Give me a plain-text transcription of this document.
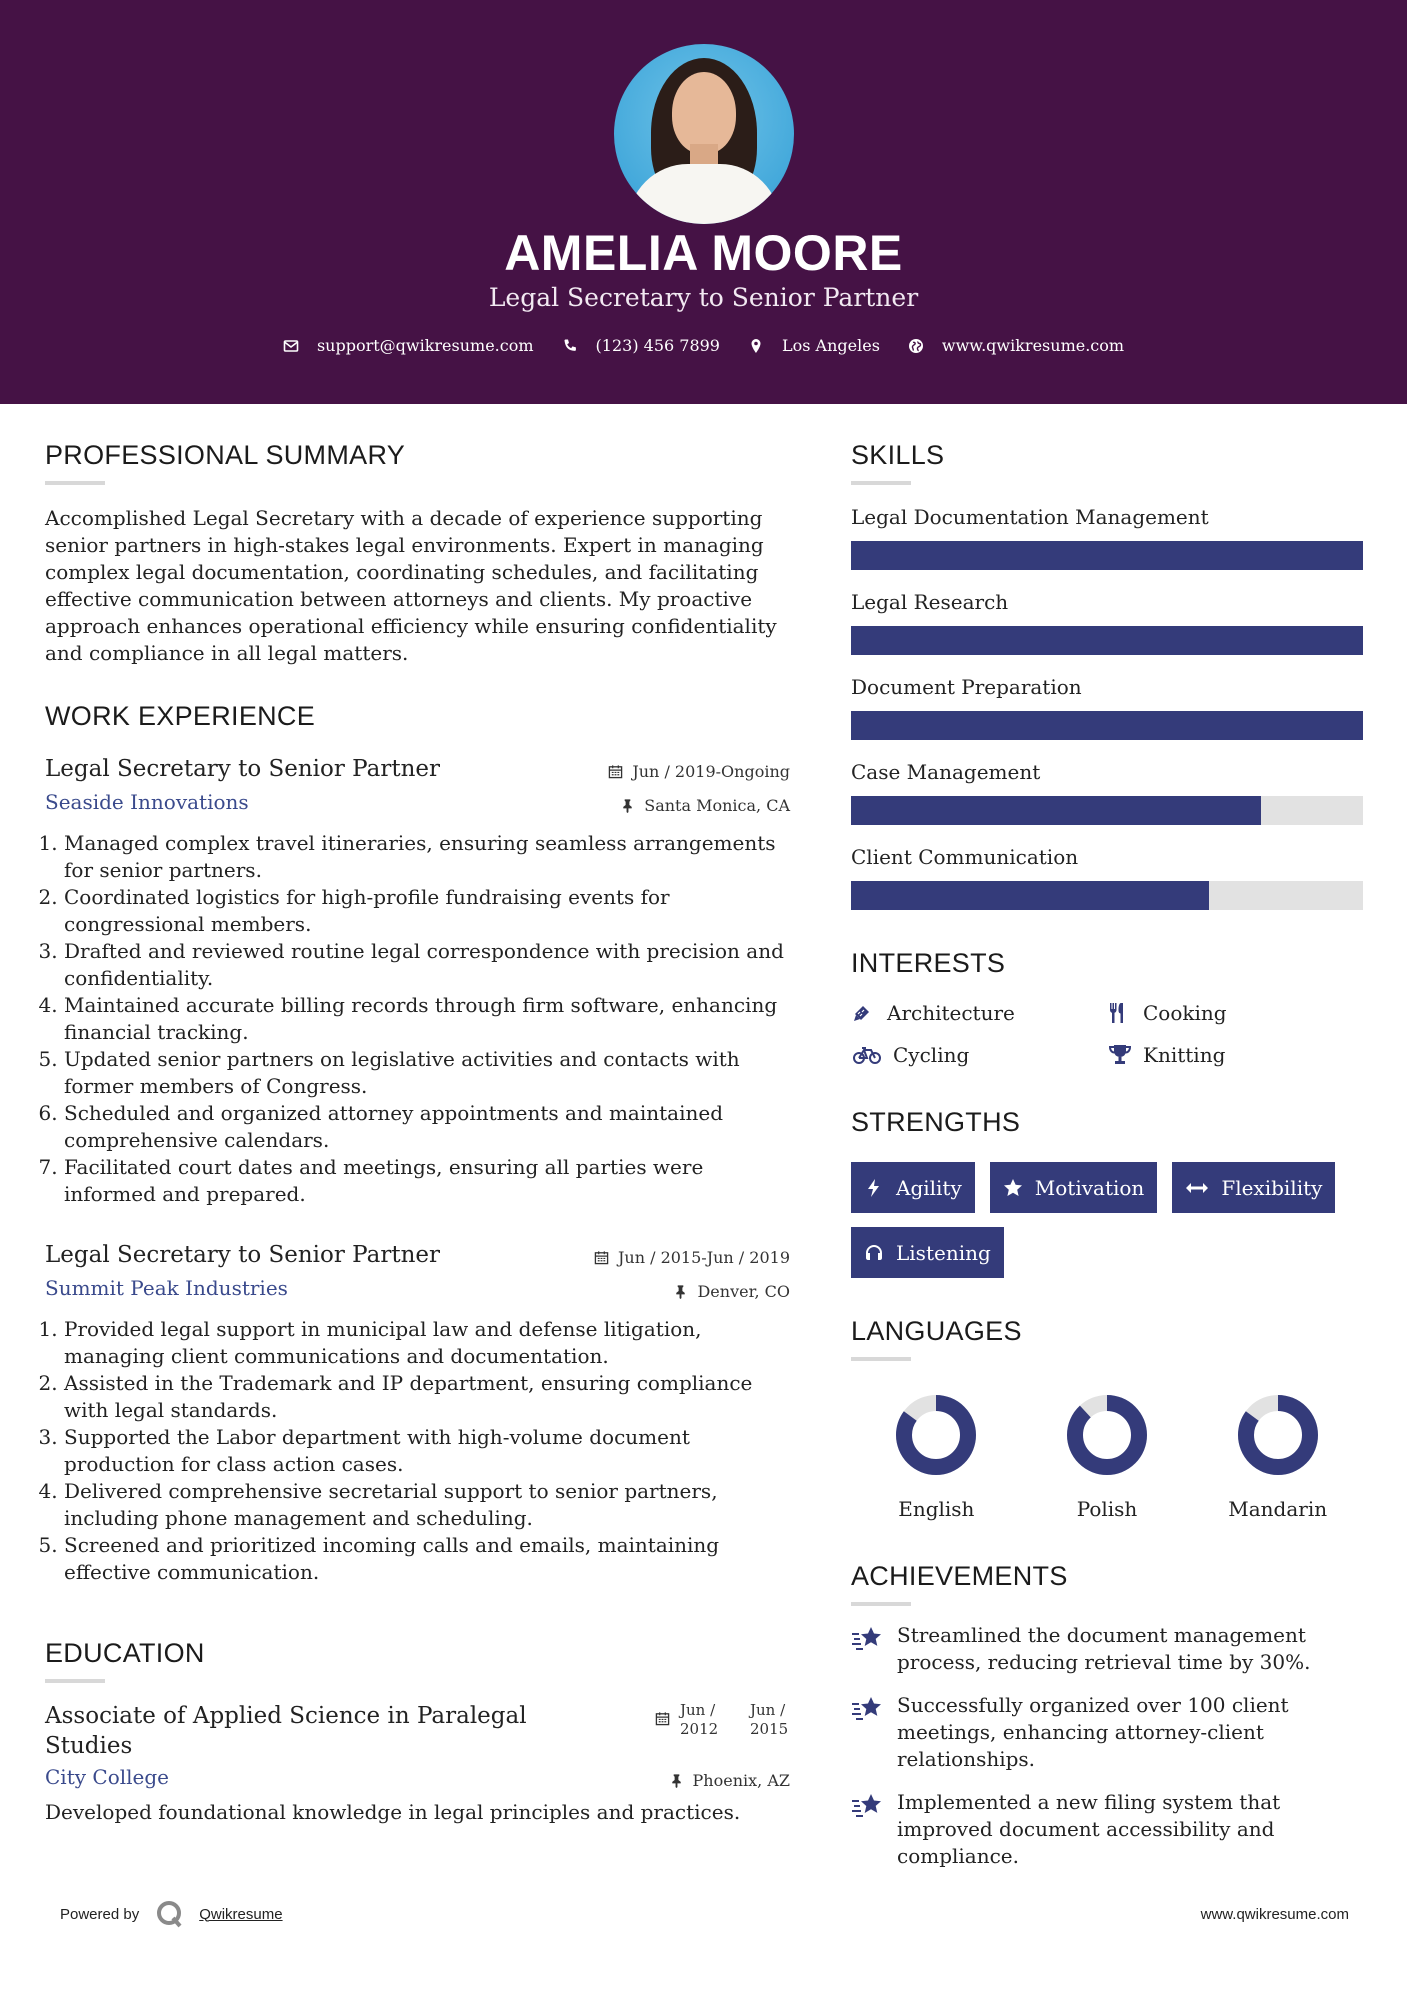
AMELIA MOORE
Legal Secretary to Senior Partner
support@qwikresume.com	(123) 456 7899	Los Angeles	www.qwikresume.com
PROFESSIONAL SUMMARY

Accomplished Legal Secretary with a decade of experience supporting senior partners in high-stakes legal environments. Expert in managing complex legal documentation, coordinating schedules, and facilitating effective communication between attorneys and clients. My proactive approach enhances operational efficiency while ensuring confidentiality and compliance in all legal matters.

WORK EXPERIENCE
Legal Secretary to Senior Partner	Jun / 2019-Ongoing
Seaside Innovations	Santa Monica, CA
1. Managed complex travel itineraries, ensuring seamless arrangements for senior partners.
2. Coordinated logistics for high-profile fundraising events for congressional members.
3. Drafted and reviewed routine legal correspondence with precision and confidentiality.
4. Maintained accurate billing records through firm software, enhancing financial tracking.
5. Updated senior partners on legislative activities and contacts with former members of Congress.
6. Scheduled and organized attorney appointments and maintained comprehensive calendars.
7. Facilitated court dates and meetings, ensuring all parties were informed and prepared.
Legal Secretary to Senior Partner	Jun / 2015-Jun / 2019
Summit Peak Industries	Denver, CO
1. Provided legal support in municipal law and defense litigation, managing client communications and documentation.
2. Assisted in the Trademark and IP department, ensuring compliance with legal standards.
3. Supported the Labor department with high-volume document production for class action cases.
4. Delivered comprehensive secretarial support to senior partners, including phone management and scheduling.
5. Screened and prioritized incoming calls and emails, maintaining effective communication.
EDUCATION
Associate of Applied Science in Paralegal Studies
Jun / 2012
Jun / 2015
City College	Phoenix, AZ

Developed foundational knowledge in legal principles and practices.

SKILLS
Legal Documentation Management
Legal Research
Document Preparation
Case Management
Client Communication
INTERESTS
Architecture	Cooking
Cycling	Knitting
STRENGTHS
Agility	Motivation	Flexibility
Listening
LANGUAGES
English	Polish	Mandarin
ACHIEVEMENTS

Streamlined the document management process, reducing retrieval time by 30%.

Successfully organized over 100 client meetings, enhancing attorney-client relationships.

Implemented a new filing system that improved document accessibility and compliance.

Powered by	Qwikresume	www.qwikresume.com
